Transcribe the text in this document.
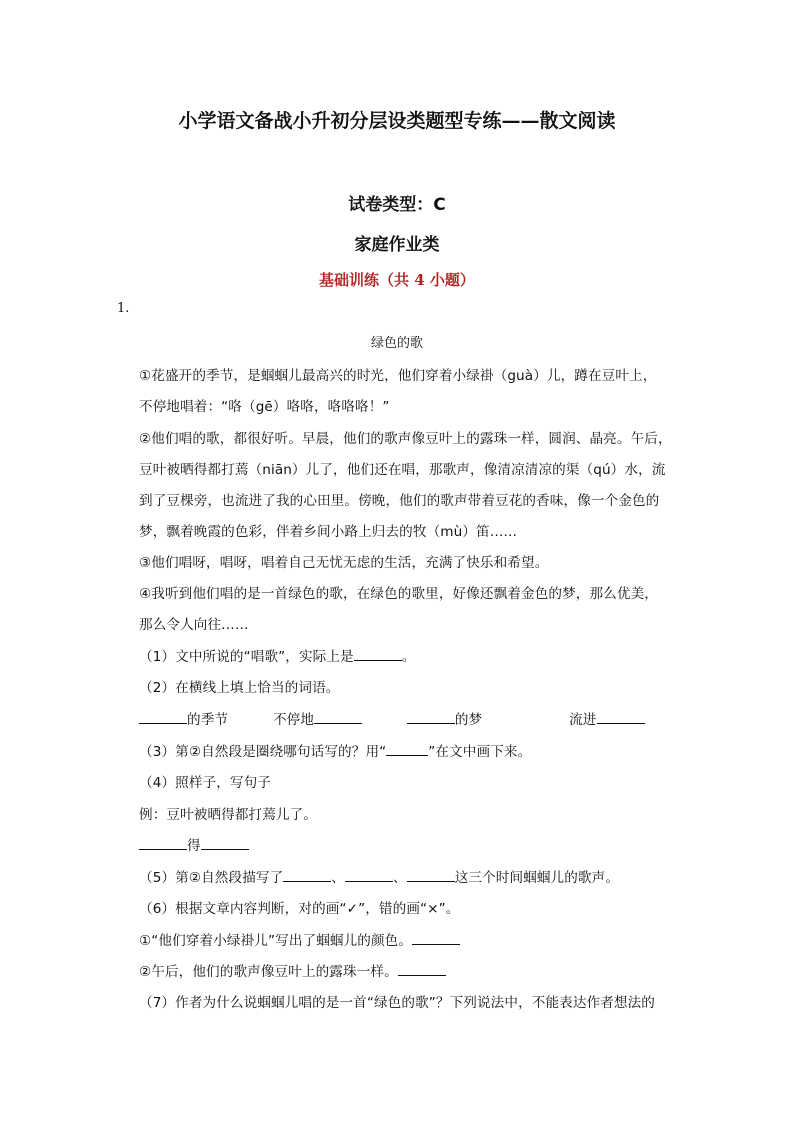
小学语文备战小升初分层设类题型专练——散文阅读
试卷类型：C
家庭作业类
基础训练（共 4 小题）
1.
绿色的歌
①花盛开的季节，是蝈蝈儿最高兴的时光，他们穿着小绿褂（guà）儿，蹲在豆叶上，
不停地唱着：“咯（gē）咯咯，咯咯咯！”
②他们唱的歌，都很好听。早晨，他们的歌声像豆叶上的露珠一样，圆润、晶亮。午后，
豆叶被晒得都打蔫（niān）儿了，他们还在唱，那歌声，像清凉清凉的渠（qú）水，流
到了豆棵旁，也流进了我的心田里。傍晚，他们的歌声带着豆花的香味，像一个金色的
梦，飘着晚霞的色彩，伴着乡间小路上归去的牧（mù）笛……
③他们唱呀，唱呀，唱着自己无忧无虑的生活，充满了快乐和希望。
④我听到他们唱的是一首绿色的歌，在绿色的歌里，好像还飘着金色的梦，那么优美，
那么令人向往……
（1）文中所说的“唱歌”，实际上是	。
（2）在横线上填上恰当的词语。
的季节	不停地	的梦	流进
（3）第②自然段是圈绕哪句话写的？用“	”在文中画下来。
（4）照样子，写句子
例：豆叶被晒得都打蔫儿了。
得
（5）第②自然段描写了	、	、	这三个时间蝈蝈儿的歌声。
（6）根据文章内容判断，对的画“✓”，错的画“×”。
①“他们穿着小绿褂儿”写出了蝈蝈儿的颜色。
②午后，他们的歌声像豆叶上的露珠一样。
（7）作者为什么说蝈蝈儿唱的是一首“绿色的歌”？下列说法中，不能表达作者想法的
